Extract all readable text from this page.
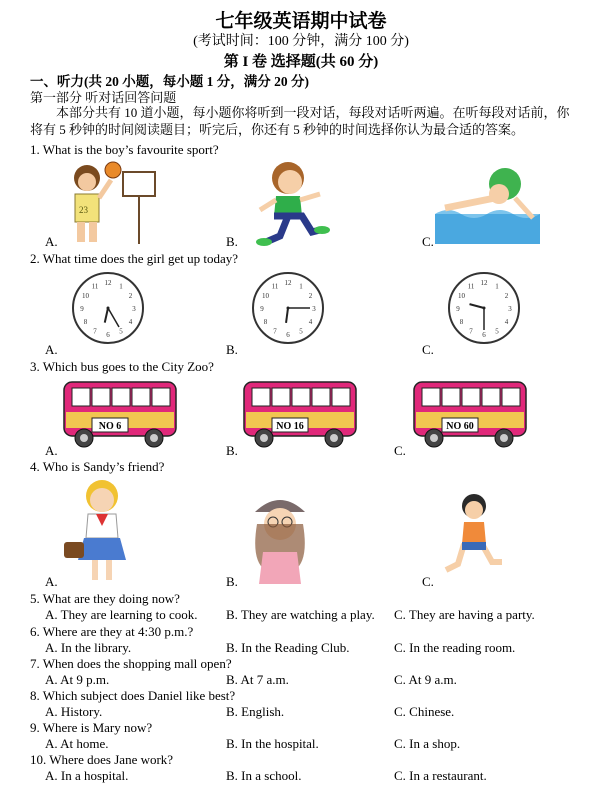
七年级英语期中试卷
(考试时间：100 分钟，满分 100 分)
第 I 卷 选择题(共 60 分)
一、听力(共 20 小题，每小题 1 分，满分 20 分)
第一部分 听对话回答问题
本部分共有 10 道小题，每小题你将听到一段对话，每段对话听两遍。在听每段对话前，你将有 5 秒钟的时间阅读题目；听完后，你还有 5 秒钟的时间选择你认为最合适的答案。
1. What is the boy’s favourite sport?
A.	B.	C.
23
2. What time does the girl get up today?
A.	B.	C.
12 1
2
3
4
5
6
7
8
9
10
11	12 1
2
3
4
5
6
7
8
9
10
11	12 1
2
3
4
5
6
7
8
9
10
11
3. Which bus goes to the City Zoo?
A.	B.	C.
NO 6	NO 16	NO 60
4. Who is Sandy’s friend?
A.	B.	C.
5. What are they doing now?
A. They are learning to cook. B. They are watching a play. C. They are having a party.
6. Where are they at 4:30 p.m.?
A. In the library.	B. In the Reading Club.	C. In the reading room.
7. When does the shopping mall open?
A. At 9 p.m.	B. At 7 a.m.	C. At 9 a.m.
8. Which subject does Daniel like best?
A. History.	B. English.	C. Chinese.
9. Where is Mary now?
A. At home.	B. In the hospital.	C. In a shop.
10. Where does Jane work?
A. In a hospital.	B. In a school.	C. In a restaurant.
